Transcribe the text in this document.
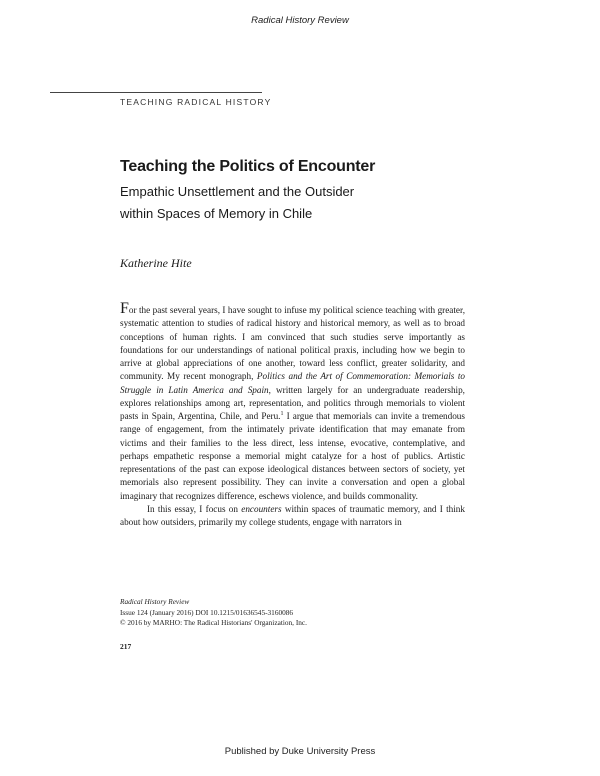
Radical History Review
TEACHING RADICAL HISTORY
Teaching the Politics of Encounter
Empathic Unsettlement and the Outsider
within Spaces of Memory in Chile
Katherine Hite

For the past several years, I have sought to infuse my political science teaching with greater, systematic attention to studies of radical history and historical memory, as well as to broad conceptions of human rights. I am convinced that such studies serve importantly as foundations for our understandings of national political praxis, including how we begin to arrive at global appreciations of one another, toward less conflict, greater solidarity, and community. My recent monograph, Politics and the Art of Commemoration: Memorials to Struggle in Latin America and Spain, written largely for an undergraduate readership, explores relationships among art, representation, and politics through memorials to violent pasts in Spain, Argentina, Chile, and Peru.$^1$ I argue that memorials can invite a tremendous range of engagement, from the intimately private identification that may emanate from victims and their families to the less direct, less intense, evocative, contemplative, and perhaps empathetic response a memorial might catalyze for a host of publics. Artistic representations of the past can expose ideological distances between sectors of society, yet memorials also represent possibility. They can invite a conversation and open a global imaginary that recognizes difference, eschews violence, and builds commonality.

In this essay, I focus on encounters within spaces of traumatic memory, and I think about how outsiders, primarily my college students, engage with narrators in

Radical History Review
Issue 124 (January 2016) DOI 10.1215/01636545-3160086
© 2016 by MARHO: The Radical Historians' Organization, Inc.
217
Published by Duke University Press
